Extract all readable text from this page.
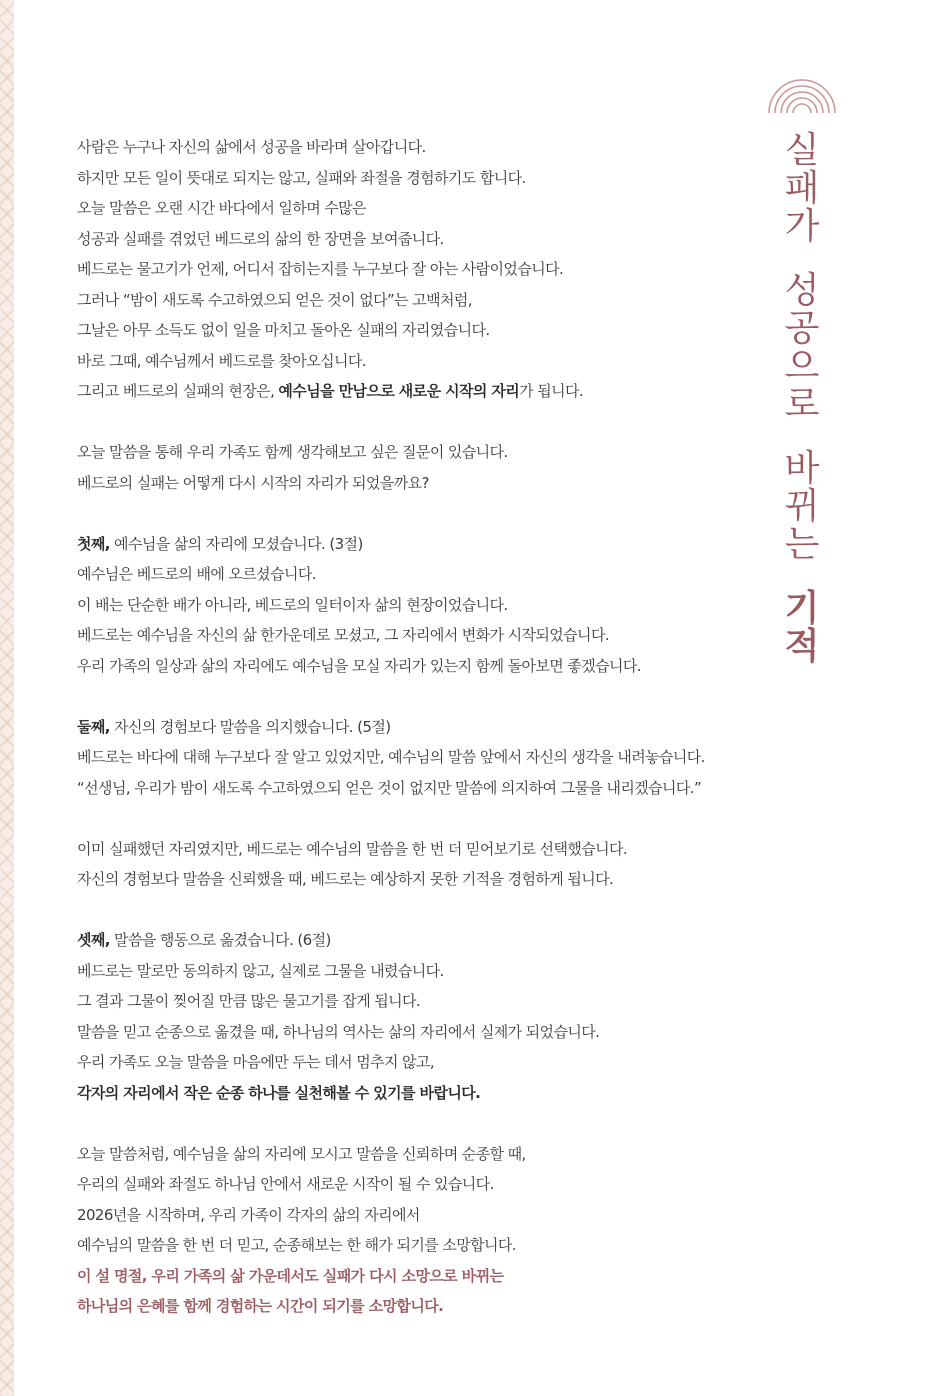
실
패
가
성
공
으
로
바
뀌
는
기
적
사람은 누구나 자신의 삶에서 성공을 바라며 살아갑니다.
하지만 모든 일이 뜻대로 되지는 않고, 실패와 좌절을 경험하기도 합니다.
오늘 말씀은 오랜 시간 바다에서 일하며 수많은
성공과 실패를 겪었던 베드로의 삶의 한 장면을 보여줍니다.
베드로는 물고기가 언제, 어디서 잡히는지를 누구보다 잘 아는 사람이었습니다.
그러나 “밤이 새도록 수고하였으되 얻은 것이 없다”는 고백처럼,
그날은 아무 소득도 없이 일을 마치고 돌아온 실패의 자리였습니다.
바로 그때, 예수님께서 베드로를 찾아오십니다.
그리고 베드로의 실패의 현장은, 예수님을 만남으로 새로운 시작의 자리가 됩니다.
오늘 말씀을 통해 우리 가족도 함께 생각해보고 싶은 질문이 있습니다.
베드로의 실패는 어떻게 다시 시작의 자리가 되었을까요?
첫째, 예수님을 삶의 자리에 모셨습니다. (3절)
예수님은 베드로의 배에 오르셨습니다.
이 배는 단순한 배가 아니라, 베드로의 일터이자 삶의 현장이었습니다.
베드로는 예수님을 자신의 삶 한가운데로 모셨고, 그 자리에서 변화가 시작되었습니다.
우리 가족의 일상과 삶의 자리에도 예수님을 모실 자리가 있는지 함께 돌아보면 좋겠습니다.
둘째, 자신의 경험보다 말씀을 의지했습니다. (5절)
베드로는 바다에 대해 누구보다 잘 알고 있었지만, 예수님의 말씀 앞에서 자신의 생각을 내려놓습니다.
“선생님, 우리가 밤이 새도록 수고하였으되 얻은 것이 없지만 말씀에 의지하여 그물을 내리겠습니다.”
이미 실패했던 자리였지만, 베드로는 예수님의 말씀을 한 번 더 믿어보기로 선택했습니다.
자신의 경험보다 말씀을 신뢰했을 때, 베드로는 예상하지 못한 기적을 경험하게 됩니다.
셋째, 말씀을 행동으로 옮겼습니다. (6절)
베드로는 말로만 동의하지 않고, 실제로 그물을 내렸습니다.
그 결과 그물이 찢어질 만큼 많은 물고기를 잡게 됩니다.
말씀을 믿고 순종으로 옮겼을 때, 하나님의 역사는 삶의 자리에서 실제가 되었습니다.
우리 가족도 오늘 말씀을 마음에만 두는 데서 멈추지 않고,
각자의 자리에서 작은 순종 하나를 실천해볼 수 있기를 바랍니다.
오늘 말씀처럼, 예수님을 삶의 자리에 모시고 말씀을 신뢰하며 순종할 때,
우리의 실패와 좌절도 하나님 안에서 새로운 시작이 될 수 있습니다.
2026년을 시작하며, 우리 가족이 각자의 삶의 자리에서
예수님의 말씀을 한 번 더 믿고, 순종해보는 한 해가 되기를 소망합니다.
이 설 명절, 우리 가족의 삶 가운데서도 실패가 다시 소망으로 바뀌는
하나님의 은혜를 함께 경험하는 시간이 되기를 소망합니다.
